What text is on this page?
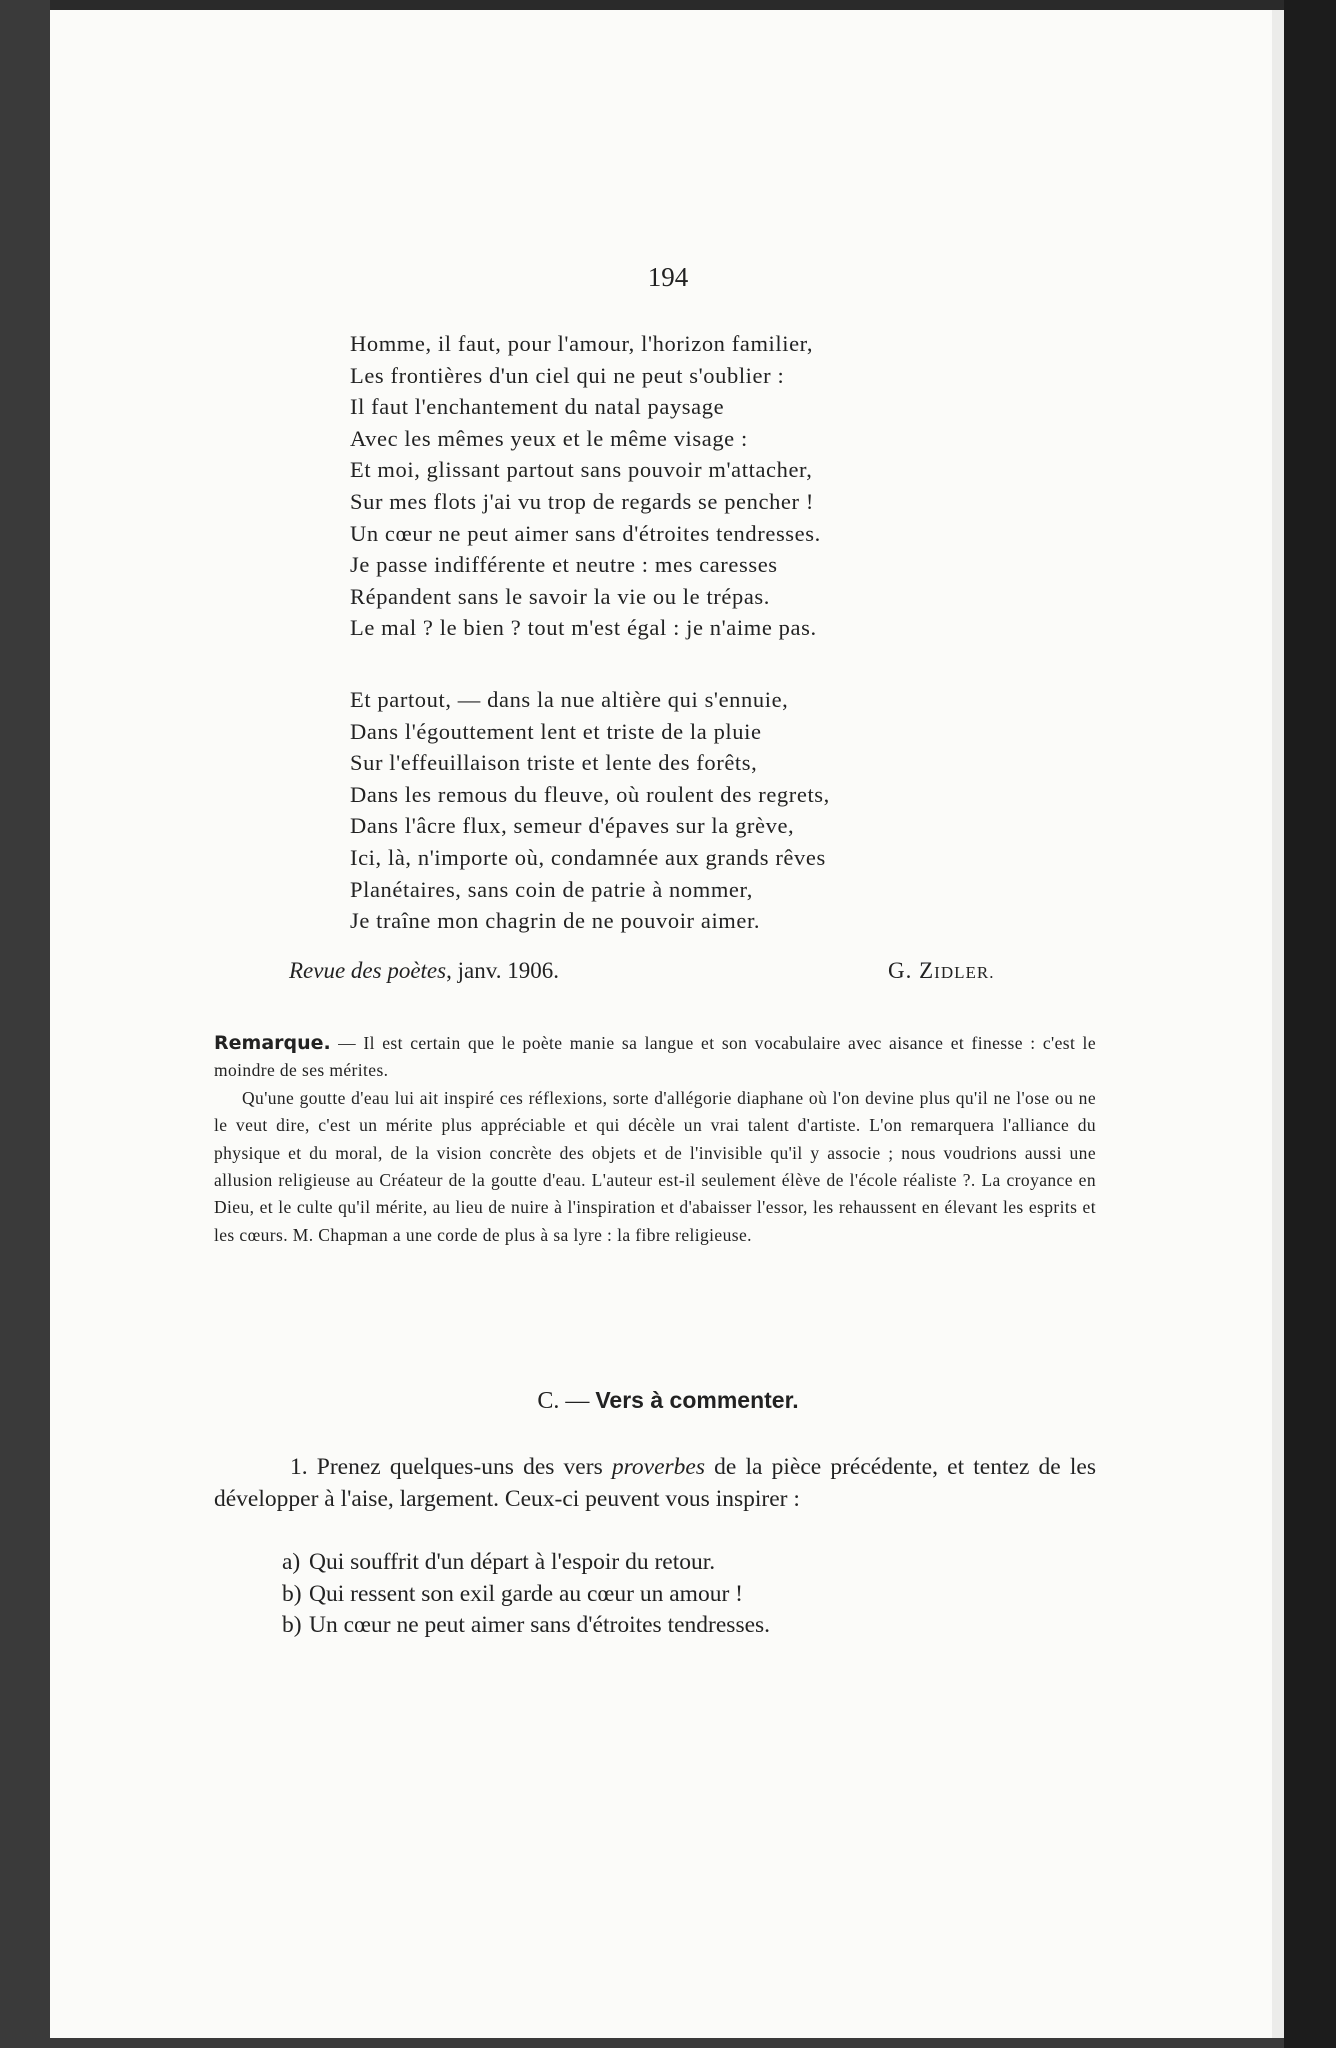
194
Homme, il faut, pour l'amour, l'horizon familier,
Les frontières d'un ciel qui ne peut s'oublier :
Il faut l'enchantement du natal paysage
Avec les mêmes yeux et le même visage :
Et moi, glissant partout sans pouvoir m'attacher,
Sur mes flots j'ai vu trop de regards se pencher !
Un cœur ne peut aimer sans d'étroites tendresses.
Je passe indifférente et neutre : mes caresses
Répandent sans le savoir la vie ou le trépas.
Le mal ? le bien ? tout m'est égal : je n'aime pas.
Et partout, — dans la nue altière qui s'ennuie,
Dans l'égouttement lent et triste de la pluie
Sur l'effeuillaison triste et lente des forêts,
Dans les remous du fleuve, où roulent des regrets,
Dans l'âcre flux, semeur d'épaves sur la grève,
Ici, là, n'importe où, condamnée aux grands rêves
Planétaires, sans coin de patrie à nommer,
Je traîne mon chagrin de ne pouvoir aimer.
Revue des poètes, janv. 1906.	G. ZIDLER.

Remarque. — Il est certain que le poète manie sa langue et son vocabulaire avec aisance et finesse : c'est le moindre de ses mérites.

Qu'une goutte d'eau lui ait inspiré ces réflexions, sorte d'allégorie diaphane où l'on devine plus qu'il ne l'ose ou ne le veut dire, c'est un mérite plus appréciable et qui décèle un vrai talent d'artiste. L'on remarquera l'alliance du physique et du moral, de la vision concrète des objets et de l'invisible qu'il y associe ; nous voudrions aussi une allusion religieuse au Créateur de la goutte d'eau. L'auteur est-il seulement élève de l'école réaliste ?. La croyance en Dieu, et le culte qu'il mérite, au lieu de nuire à l'inspiration et d'abaisser l'essor, les rehaussent en élevant les esprits et les cœurs. M. Chapman a une corde de plus à sa lyre : la fibre religieuse.

C. — Vers à commenter.

1. Prenez quelques-uns des vers proverbes de la pièce précédente, et tentez de les développer à l'aise, largement. Ceux-ci peuvent vous inspirer :

a) Qui souffrit d'un départ à l'espoir du retour.
b) Qui ressent son exil garde au cœur un amour !
b) Un cœur ne peut aimer sans d'étroites tendresses.
